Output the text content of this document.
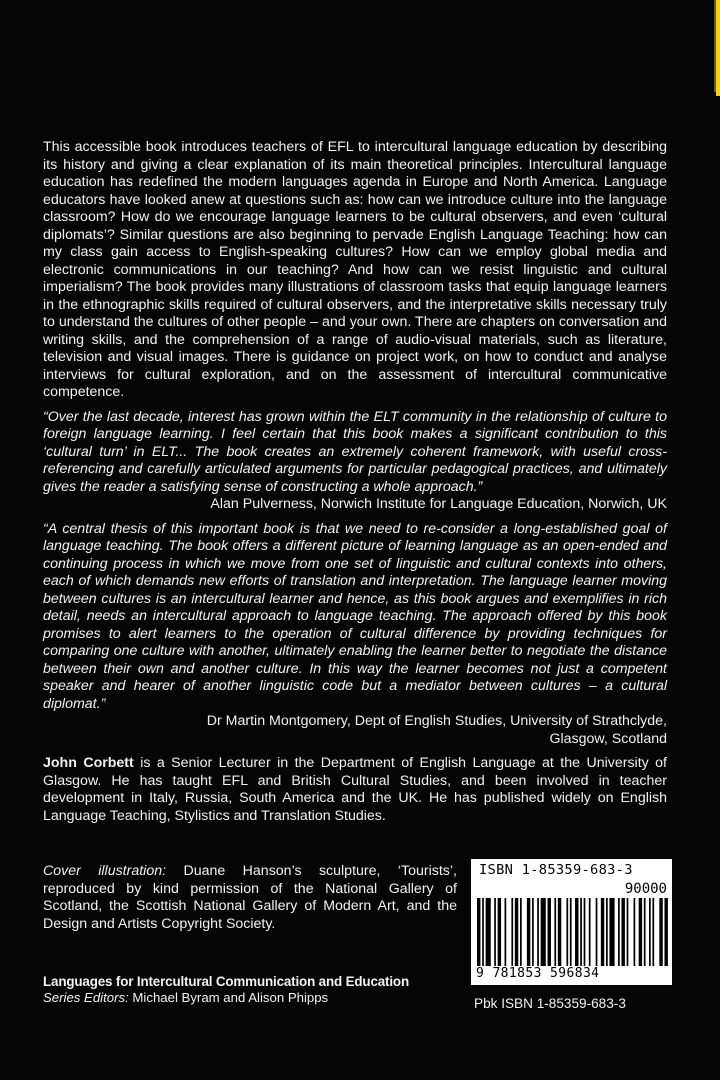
This accessible book introduces teachers of EFL to intercultural language education by describing its history and giving a clear explanation of its main theoretical principles. Intercultural language education has redefined the modern languages agenda in Europe and North America. Language educators have looked anew at questions such as: how can we introduce culture into the language classroom? How do we encourage language learners to be cultural observers, and even ‘cultural diplomats’? Similar questions are also beginning to pervade English Language Teaching: how can my class gain access to English-speaking cultures? How can we employ global media and electronic communications in our teaching? And how can we resist linguistic and cultural imperialism? The book provides many illustrations of classroom tasks that equip language learners in the ethnographic skills required of cultural observers, and the interpretative skills necessary truly to understand the cultures of other people – and your own. There are chapters on conversation and writing skills, and the comprehension of a range of audio-visual materials, such as literature, television and visual images. There is guidance on project work, on how to conduct and analyse interviews for cultural exploration, and on the assessment of intercultural communicative competence.

“Over the last decade, interest has grown within the ELT community in the relationship of culture to foreign language learning. I feel certain that this book makes a significant contribution to this ‘cultural turn’ in ELT... The book creates an extremely coherent framework, with useful cross-referencing and carefully articulated arguments for particular pedagogical practices, and ultimately gives the reader a satisfying sense of constructing a whole approach.”

Alan Pulverness, Norwich Institute for Language Education, Norwich, UK

“A central thesis of this important book is that we need to re-consider a long-established goal of language teaching. The book offers a different picture of learning language as an open-ended and continuing process in which we move from one set of linguistic and cultural contexts into others, each of which demands new efforts of translation and interpretation. The language learner moving between cultures is an intercultural learner and hence, as this book argues and exemplifies in rich detail, needs an intercultural approach to language teaching. The approach offered by this book promises to alert learners to the operation of cultural difference by providing techniques for comparing one culture with another, ultimately enabling the learner better to negotiate the distance between their own and another culture. In this way the learner becomes not just a competent speaker and hearer of another linguistic code but a mediator between cultures – a cultural diplomat.”

Dr Martin Montgomery, Dept of English Studies, University of Strathclyde,

Glasgow, Scotland

John Corbett is a Senior Lecturer in the Department of English Language at the University of Glasgow. He has taught EFL and British Cultural Studies, and been involved in teacher development in Italy, Russia, South America and the UK. He has published widely on English Language Teaching, Stylistics and Translation Studies.

Cover illustration: Duane Hanson’s sculpture, ‘Tourists’, reproduced by kind permission of the National Gallery of Scotland, the Scottish National Gallery of Modern Art, and the Design and Artists Copyright Society.

Languages for Intercultural Communication and Education
Series Editors: Michael Byram and Alison Phipps
ISBN 1-85359-683-3
90000
9 781853 596834
Pbk ISBN 1-85359-683-3
